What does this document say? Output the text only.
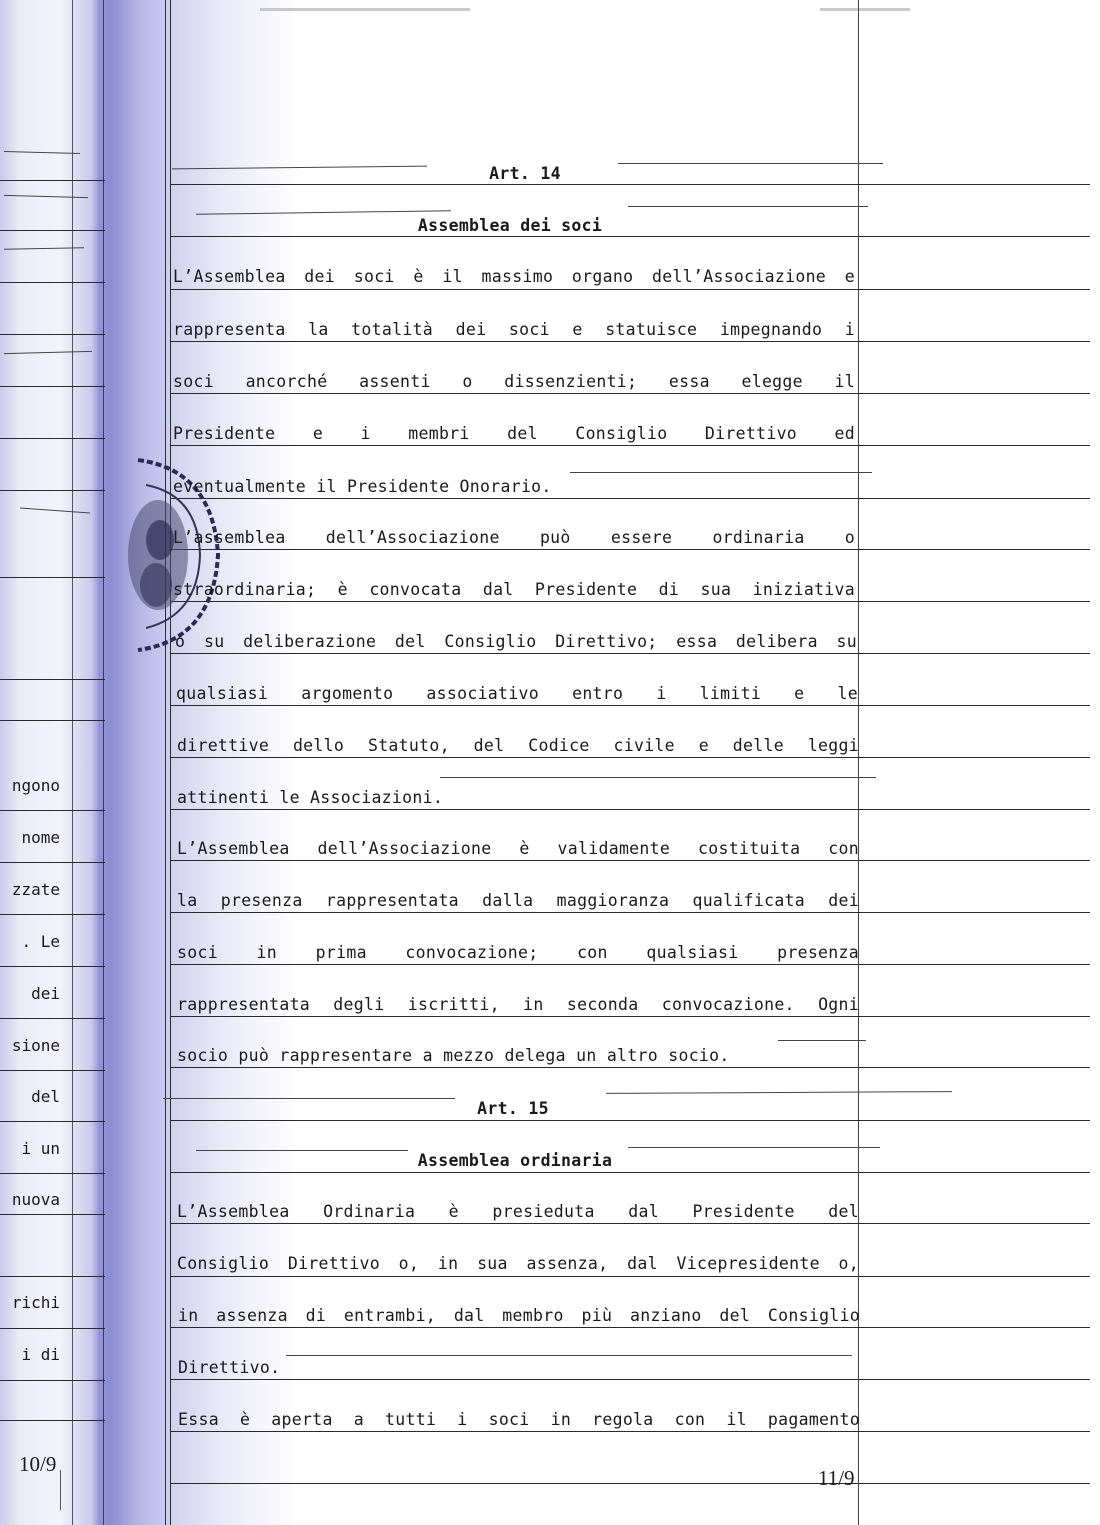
ngono
nome
zzate
. Le
dei
sione
del
i un
nuova
richi
i di
10/9
Art. 14
Assemblea dei soci
L’Assemblea dei soci è il massimo organo dell’Associazione e
rappresenta la totalità dei soci e statuisce impegnando i
soci ancorché assenti o dissenzienti; essa elegge il
Presidente e i membri del Consiglio Direttivo ed
eventualmente il Presidente Onorario.
L’assemblea dell’Associazione può essere ordinaria o
straordinaria; è convocata dal Presidente di sua iniziativa
o su deliberazione del Consiglio Direttivo; essa delibera su
qualsiasi argomento associativo entro i limiti e le
direttive dello Statuto, del Codice civile e delle leggi
attinenti le Associazioni.
L’Assemblea dell’Associazione è validamente costituita con
la presenza rappresentata dalla maggioranza qualificata dei
soci in prima convocazione; con qualsiasi presenza
rappresentata degli iscritti, in seconda convocazione. Ogni
socio può rappresentare a mezzo delega un altro socio.
Art. 15
Assemblea ordinaria
L’Assemblea Ordinaria è presieduta dal Presidente del
Consiglio Direttivo o, in sua assenza, dal Vicepresidente o,
in assenza di entrambi, dal membro più anziano del Consiglio
Direttivo.
Essa è aperta a tutti i soci in regola con il pagamento
11/9
